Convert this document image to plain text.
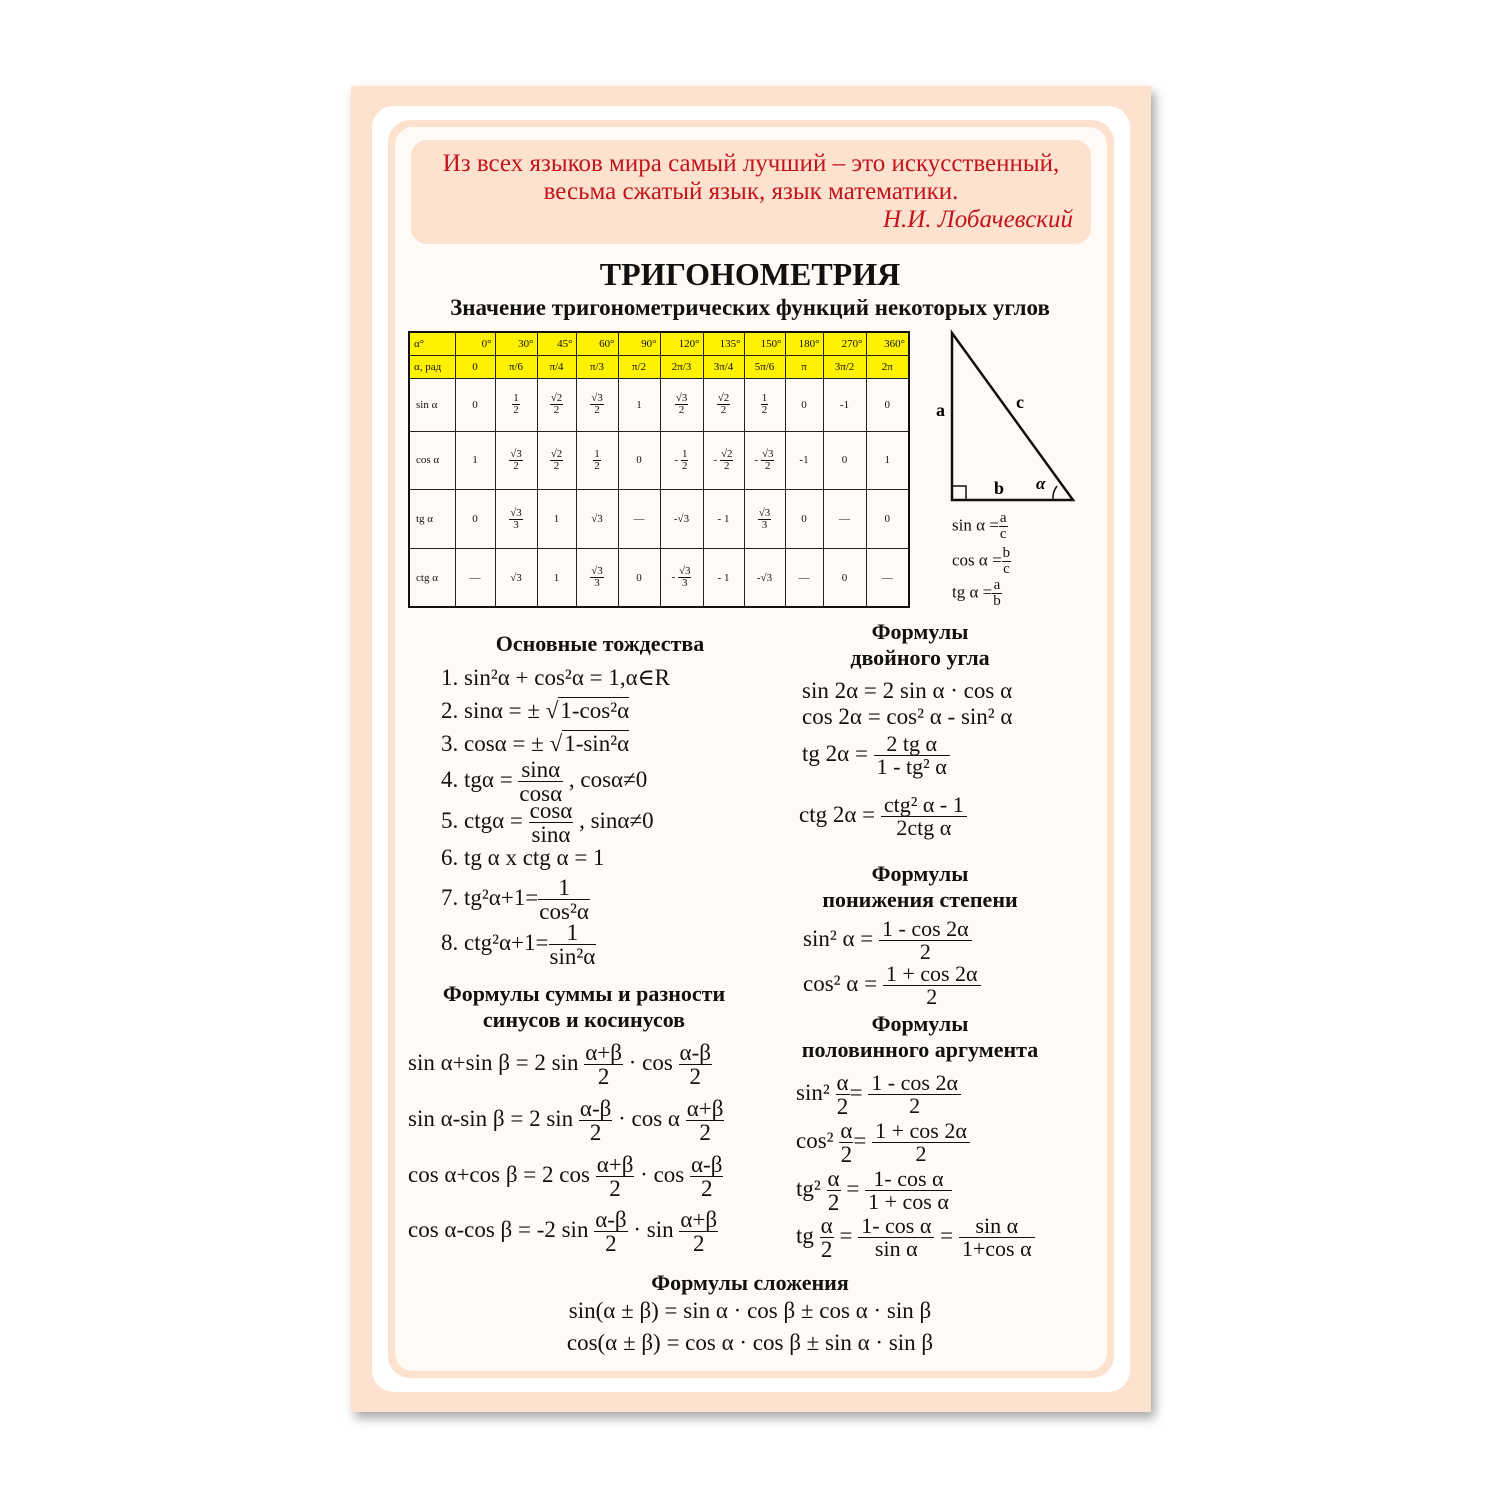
Из всех языков мира самый лучший – это искусственный,
весьма сжатый язык, язык математики.
Н.И. Лобачевский
ТРИГОНОМЕТРИЯ
Значение тригонометрических функций некоторых углов
α°	0°	30°	45°	60°	90°	120°	135°	150°	180°	270°	360°
α, рад	0	π/6	π/4	π/3	π/2	2π/3	3π/4	5π/6	π	3π/2	2π
sin α	0	$\frac{1}{2}$	$\frac{√2}{2}$	$\frac{√3}{2}$	1	$\frac{√3}{2}$	$\frac{√2}{2}$	$\frac{1}{2}$	0	-1	0
cos α	1	$\frac{√3}{2}$	$\frac{√2}{2}$	$\frac{1}{2}$	0	- $\frac{1}{2}$	- $\frac{√2}{2}$	- $\frac{√3}{2}$	-1	0	1
tg α	0	$\frac{√3}{3}$	1	√3	—	-√3	- 1	$\frac{√3}{3}$	0	—	0
ctg α	—	√3	1	$\frac{√3}{3}$	0	- $\frac{√3}{3}$	- 1	-√3	—	0	—
a	c
b α
$\sin \alpha = \frac{a}{c}$
$\cos \alpha = \frac{b}{c}$
tg $\alpha = \frac{a}{b}$
Основные тождества
1. sin²α + cos²α = 1,α∈R
2. sinα = ± √1-cos²α
3. cosα = ± √1-sin²α
4. $tg\alpha = \frac{\sin\alpha}{\cos\alpha}$ , cosα≠0
5. $ctg\alpha = \frac{\cos\alpha}{\sin\alpha}$ , sinα≠0
6. tg α x ctg α = 1
7. $tg^2\alpha+1= \frac{1}{\text{cos²α}}$
8. $ctg^2\alpha+1= \frac{1}{\text{sin²α}}$
Формулы
двойного угла
sin 2α = 2 sin α · cos α
cos 2α = cos² α - sin² α
tg $2\alpha = \frac{\text{2 tg α}}{\text{1 - tg² α}}$
ctg 2α = ctg² α - 1
2ctg α
Формулы
понижения степени
sin² $\alpha = \frac{1 - \cos 2\alpha}{2}$
cos² $\alpha = \frac{1 + \cos 2\alpha}{2}$
Формулы
половинного аргумента
$\sin^2 \frac{\alpha}{2} = \frac{1 - \cos 2\alpha}{2}$
$\cos^2 \frac{\alpha}{2} = \frac{1 + \cos 2\alpha}{2}$
$tg^2 \frac{\alpha}{2} = \frac{\text{1- cos α}}{\text{1 + cos α}}$
tg $\frac{\alpha}{2} = \frac{\text{1- cos α}}{\text{sin α}} = \frac{\text{sin α}}{\text{1+cos α}}$
Формулы суммы и разности
синусов и косинусов
sin α+sin β = 2 $\sin \frac{\alpha+\beta}{2} \cdot \cos \frac{\alpha-\beta}{2}$
sin α-sin β = 2 $\sin \frac{\alpha-\beta}{2} \cdot \cos \alpha \frac{\alpha+\beta}{2}$
cos α+cos β = 2 $\cos \frac{\alpha+\beta}{2} \cdot \cos \frac{\alpha-\beta}{2}$
cos α-cos β = -2 $\sin \frac{\alpha-\beta}{2} \cdot \sin \frac{\alpha+\beta}{2}$
Формулы сложения
sin(α ± β) = sin α · cos β ± cos α · sin β
cos(α ± β) = cos α · cos β ± sin α · sin β
